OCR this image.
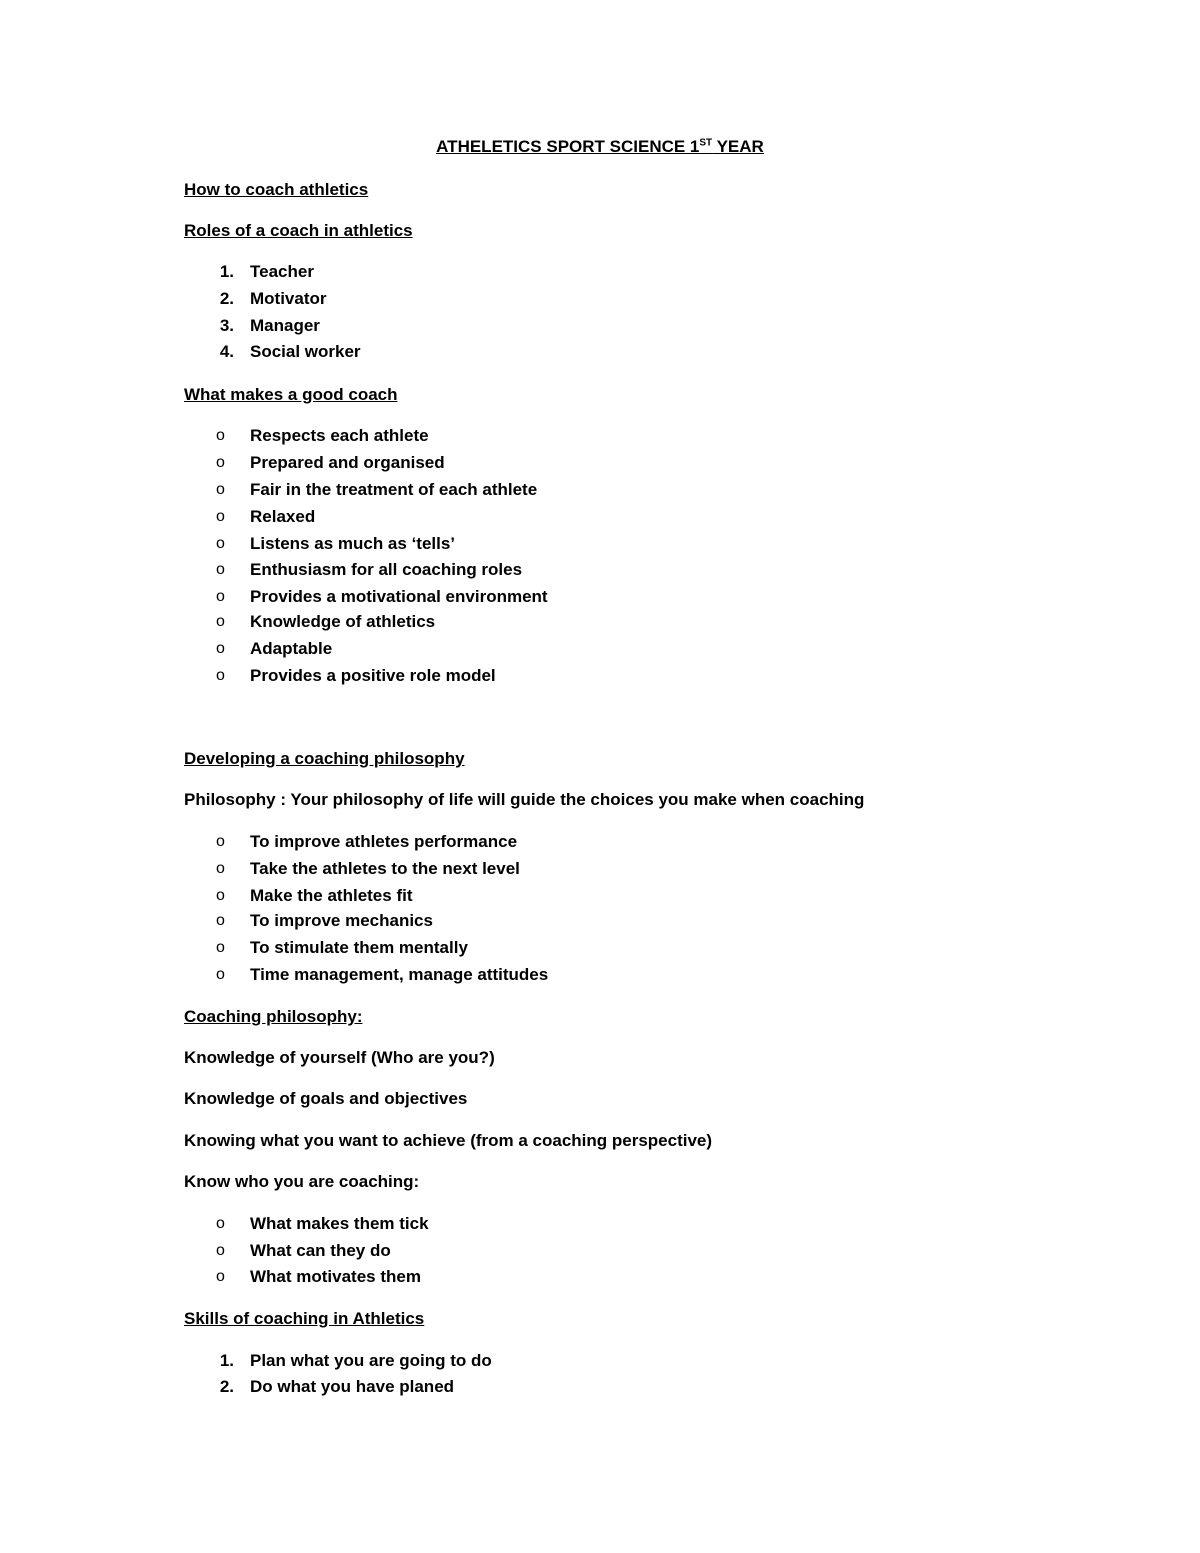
ATHELETICS SPORT SCIENCE 1ST YEAR
How to coach athletics
Roles of a coach in athletics
1. Teacher
2. Motivator
3. Manager
4. Social worker
What makes a good coach
o Respects each athlete
o Prepared and organised
o Fair in the treatment of each athlete
o Relaxed
o Listens as much as ‘tells’
o Enthusiasm for all coaching roles
o Provides a motivational environment
o Knowledge of athletics
o Adaptable
o Provides a positive role model
Developing a coaching philosophy
Philosophy : Your philosophy of life will guide the choices you make when coaching
o To improve athletes performance
o Take the athletes to the next level
o Make the athletes fit
o To improve mechanics
o To stimulate them mentally
o Time management, manage attitudes
Coaching philosophy:
Knowledge of yourself (Who are you?)
Knowledge of goals and objectives
Knowing what you want to achieve (from a coaching perspective)
Know who you are coaching:
o What makes them tick
o What can they do
o What motivates them
Skills of coaching in Athletics
1. Plan what you are going to do
2. Do what you have planed
